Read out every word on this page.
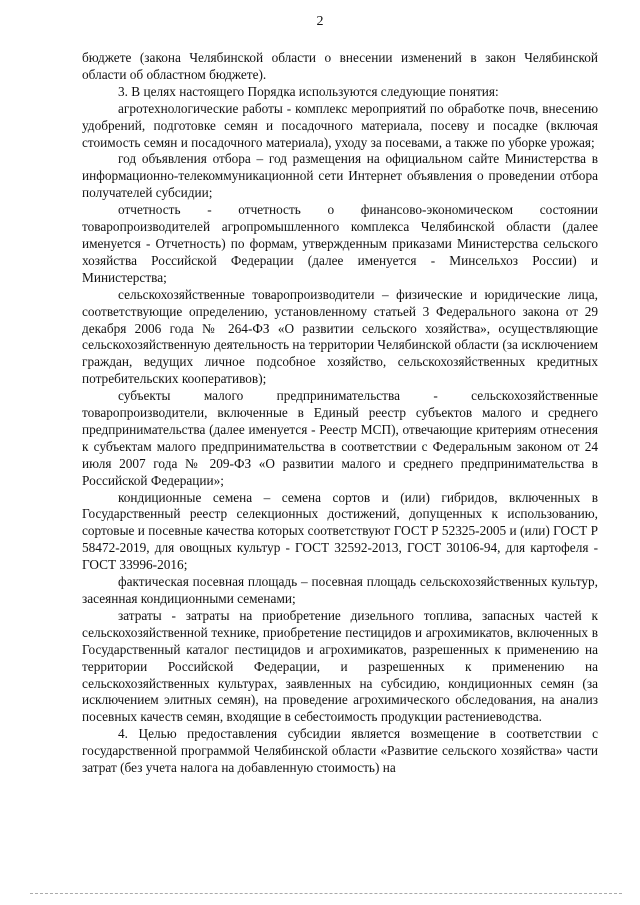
2

бюджете (закона Челябинской области о внесении изменений в закон Челябинской области об областном бюджете).

3. В целях настоящего Порядка используются следующие понятия:

агротехнологические работы - комплекс мероприятий по обработке почв, внесению удобрений, подготовке семян и посадочного материала, посеву и посадке (включая стоимость семян и посадочного материала), уходу за посевами, а также по уборке урожая;

год объявления отбора – год размещения на официальном сайте Министерства в информационно-телекоммуникационной сети Интернет объявления о проведении отбора получателей субсидии;

отчетность - отчетность о финансово-экономическом состоянии товаропроизводителей агропромышленного комплекса Челябинской области (далее именуется - Отчетность) по формам, утвержденным приказами Министерства сельского хозяйства Российской Федерации (далее именуется - Минсельхоз России) и Министерства;

сельскохозяйственные товаропроизводители – физические и юридические лица, соответствующие определению, установленному статьей 3 Федерального закона от 29 декабря 2006 года № 264-ФЗ «О развитии сельского хозяйства», осуществляющие сельскохозяйственную деятельность на территории Челябинской области (за исключением граждан, ведущих личное подсобное хозяйство, сельскохозяйственных кредитных потребительских кооперативов);

субъекты малого предпринимательства - сельскохозяйственные товаропроизводители, включенные в Единый реестр субъектов малого и среднего предпринимательства (далее именуется - Реестр МСП), отвечающие критериям отнесения к субъектам малого предпринимательства в соответствии с Федеральным законом от 24 июля 2007 года № 209-ФЗ «О развитии малого и среднего предпринимательства в Российской Федерации»;

кондиционные семена – семена сортов и (или) гибридов, включенных в Государственный реестр селекционных достижений, допущенных к использованию, сортовые и посевные качества которых соответствуют ГОСТ Р 52325-2005 и (или) ГОСТ Р 58472-2019, для овощных культур - ГОСТ 32592-2013, ГОСТ 30106-94, для картофеля - ГОСТ 33996-2016;

фактическая посевная площадь – посевная площадь сельскохозяйственных культур, засеянная кондиционными семенами;

затраты - затраты на приобретение дизельного топлива, запасных частей к сельскохозяйственной технике, приобретение пестицидов и агрохимикатов, включенных в Государственный каталог пестицидов и агрохимикатов, разрешенных к применению на территории Российской Федерации, и разрешенных к применению на сельскохозяйственных культурах, заявленных на субсидию, кондиционных семян (за исключением элитных семян), на проведение агрохимического обследования, на анализ посевных качеств семян, входящие в себестоимость продукции растениеводства.

4. Целью предоставления субсидии является возмещение в соответствии с государственной программой Челябинской области «Развитие сельского хозяйства» части затрат (без учета налога на добавленную стоимость) на
